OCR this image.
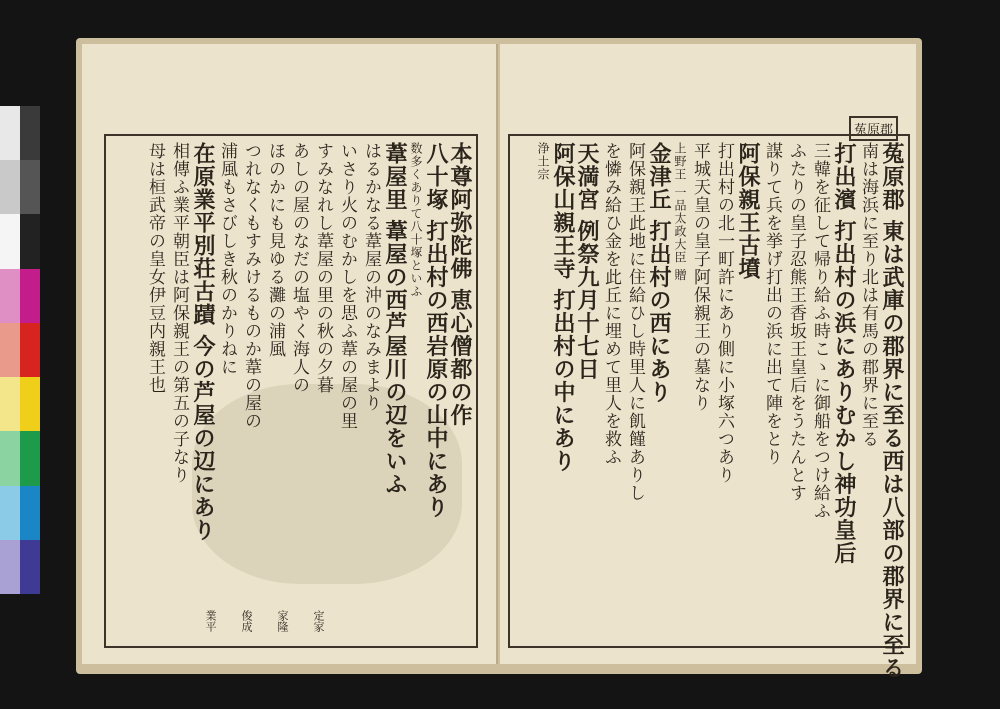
本尊阿弥陀佛 恵心僧都の作
八十塚 打出村の西岩原の山中にあり
数多くありて八十塚といふ
葦屋里 葦屋の西芦屋川の辺をいふ
はるかなる葦屋の沖のなみまより
いさり火のむかしを思ふ葦の屋の里
すみなれし葦屋の里の秋の夕暮
あしの屋のなだの塩やく海人の
ほのかにも見ゆる灘の浦風
つれなくもすみけるものか葦の屋の
浦風もさびしき秋のかりねに
在原業平別荘古蹟 今の芦屋の辺にあり
相傳ふ業平朝臣は阿保親王の第五の子なり
母は桓武帝の皇女伊豆内親王也
定家
家隆
俊成
業平
菟原郡
菟原郡 東は武庫の郡界に至る西は八部の郡界に至る
南は海浜に至り北は有馬の郡界に至る
打出濱 打出村の浜にありむかし神功皇后
三韓を征して帰り給ふ時こゝに御船をつけ給ふ
ふたりの皇子忍熊王香坂王皇后をうたんとす
謀りて兵を挙げ打出の浜に出て陣をとり
阿保親王古墳
打出村の北一町許にあり側に小塚六つあり
平城天皇の皇子阿保親王の墓なり
上野王 一品太政大臣 贈
金津丘 打出村の西にあり
阿保親王此地に住給ひし時里人に飢饉ありし
を憐み給ひ金を此丘に埋めて里人を救ふ
天満宮 例祭九月十七日
阿保山親王寺 打出村の中にあり
浄土宗
